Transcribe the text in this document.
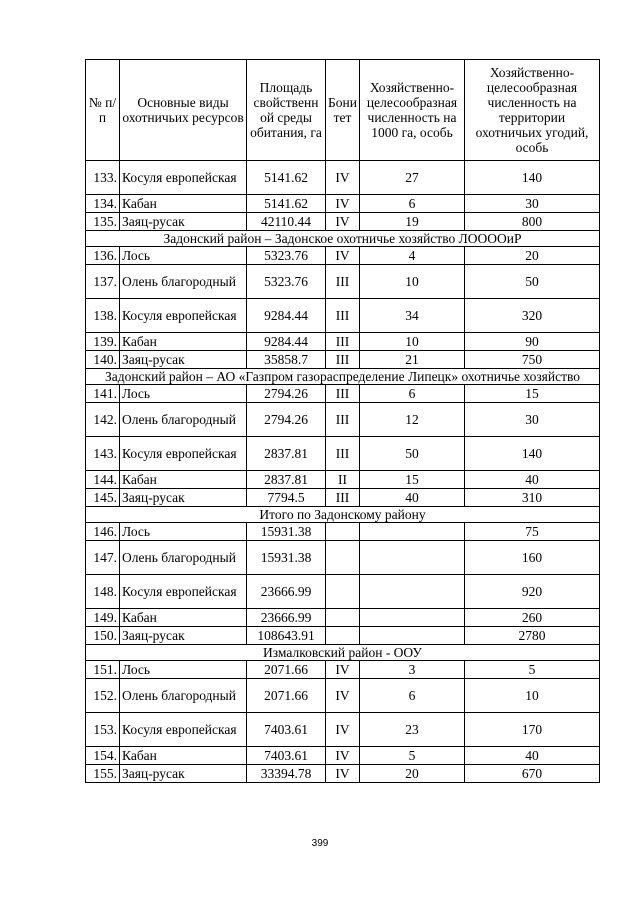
№ п/п	Основные виды охотничьих ресурсов	Площадь свойственн ой среды обитания, га	Бони тет	Хозяйственно-целесообразная численность на 1000 га, особь	Хозяйственно-целесообразная численность на территории охотничьих угодий, особь
133.	Косуля европейская	5141.62	IV	27	140
134.	Кабан	5141.62	IV	6	30
135.	Заяц-русак	42110.44	IV	19	800
Задонский район – Задонское охотничье хозяйство ЛООООиР					
136.	Лось	5323.76	IV	4	20
137.	Олень благородный	5323.76	III	10	50
138.	Косуля европейская	9284.44	III	34	320
139.	Кабан	9284.44	III	10	90
140.	Заяц-русак	35858.7	III	21	750
Задонский район – АО «Газпром газораспределение Липецк» охотничье хозяйство					
141.	Лось	2794.26	III	6	15
142.	Олень благородный	2794.26	III	12	30
143.	Косуля европейская	2837.81	III	50	140
144.	Кабан	2837.81	II	15	40
145.	Заяц-русак	7794.5	III	40	310
Итого по Задонскому району					
146.	Лось	15931.38			75
147.	Олень благородный	15931.38			160
148.	Косуля европейская	23666.99			920
149.	Кабан	23666.99			260
150.	Заяц-русак	108643.91			2780
Измалковский район - ООУ					
151.	Лось	2071.66	IV	3	5
152.	Олень благородный	2071.66	IV	6	10
153.	Косуля европейская	7403.61	IV	23	170
154.	Кабан	7403.61	IV	5	40
155.	Заяц-русак	33394.78	IV	20	670
399
